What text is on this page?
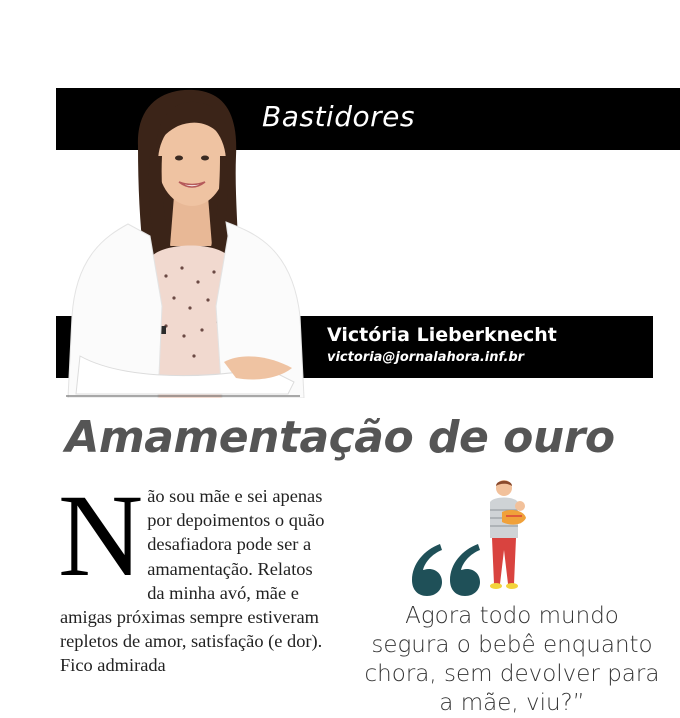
Bastidores
Victória Lieberknecht
victoria@jornalahora.inf.br
Amamentação de ouro

Não sou mãe e sei apenas por depoimentos o quão desafiadora pode ser a amamentação. Relatos da minha avó, mãe e amigas próximas sempre estiveram repletos de amor, satisfação (e dor). Fico admirada

Agora todo mundo segura o bebê enquanto chora, sem devolver para a mãe, viu?”
